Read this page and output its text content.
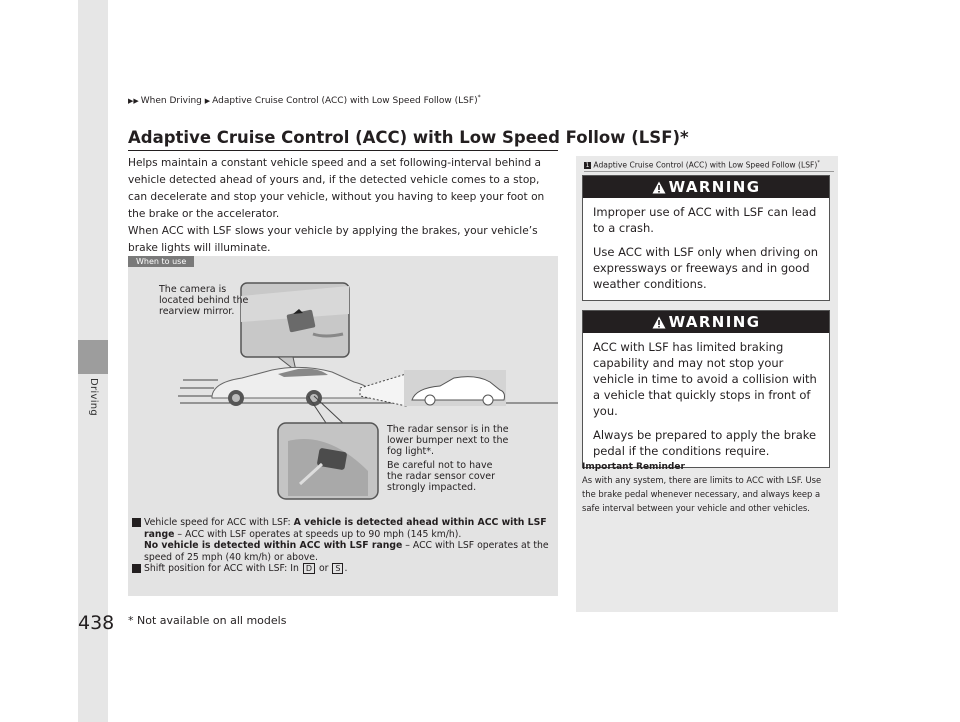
Driving
▶▶ When Driving ▶ Adaptive Cruise Control (ACC) with Low Speed Follow (LSF)*
Adaptive Cruise Control (ACC) with Low Speed Follow (LSF)*

Helps maintain a constant vehicle speed and a set following-interval behind a vehicle detected ahead of yours and, if the detected vehicle comes to a stop, can decelerate and stop your vehicle, without you having to keep your foot on the brake or the accelerator.

When ACC with LSF slows your vehicle by applying the brakes, your vehicle’s brake lights will illuminate.

When to use
The camera is located behind the rearview mirror.
The radar sensor is in the lower bumper next to the fog light*.
Be careful not to have the radar sensor cover strongly impacted.
Vehicle speed for ACC with LSF: A vehicle is detected ahead within ACC with LSF range – ACC with LSF operates at speeds up to 90 mph (145 km/h).
No vehicle is detected within ACC with LSF range – ACC with LSF operates at the speed of 25 mph (40 km/h) or above.
Shift position for ACC with LSF: In D or S .
1 Adaptive Cruise Control (ACC) with Low Speed Follow (LSF)*
WARNING

Improper use of ACC with LSF can lead to a crash.

Use ACC with LSF only when driving on expressways or freeways and in good weather conditions.

WARNING

ACC with LSF has limited braking capability and may not stop your vehicle in time to avoid a collision with a vehicle that quickly stops in front of you.

Always be prepared to apply the brake pedal if the conditions require.

Important Reminder
As with any system, there are limits to ACC with LSF. Use the brake pedal whenever necessary, and always keep a safe interval between your vehicle and other vehicles.
438 * Not available on all models
